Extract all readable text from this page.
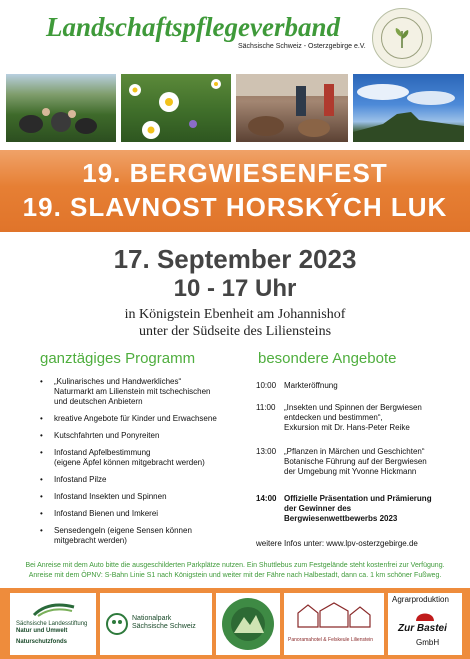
Landschaftspflegeverband
Sächsische Schweiz - Osterzgebirge e.V.
19. BERGWIESENFEST
19. SLAVNOST HORSKÝCH LUK
17. September 2023
10 - 17 Uhr
in Königstein Ebenheit am Johannishof
unter der Südseite des Liliensteins
ganztägiges Programm
• „Kulinarisches und Handwerkliches“
Naturmarkt am Lilienstein mit tschechischen
und deutschen Anbietern
• kreative Angebote für Kinder und Erwachsene
• Kutschfahrten und Ponyreiten
• Infostand Apfelbestimmung
(eigene Äpfel können mitgebracht werden)
• Infostand Pilze
• Infostand Insekten und Spinnen
• Infostand Bienen und Imkerei
• Sensedengeln (eigene Sensen können
mitgebracht werden)
besondere Angebote
10:00 Markteröffnung
11:00 „Insekten und Spinnen der Bergwiesen
entdecken und bestimmen“,
Exkursion mit Dr. Hans-Peter Reike
13:00 „Pflanzen in Märchen und Geschichten“
Botanische Führung auf der Bergwiesen
der Umgebung mit Yvonne Hickmann
14:00 Offizielle Präsentation und Prämierung
der Gewinner des
Bergwiesenwettbewerbs 2023
weitere Infos unter: www.lpv-osterzgebirge.de
Bei Anreise mit dem Auto bitte die ausgeschilderten Parkplätze nutzen. Ein Shuttlebus zum Festgelände steht kostenfrei zur Verfügung.
Anreise mit dem ÖPNV: S-Bahn Linie S1 nach Königstein und weiter mit der Fähre nach Halbestadt, dann ca. 1 km schöner Fußweg.
Sächsische Landesstiftung
Natur und Umwelt
Naturschutzfonds
Nationalpark
Sächsische Schweiz
Panoramahotel & Felskeule Lilienstein
Agrarproduktion
Zur Bastei
GmbH
